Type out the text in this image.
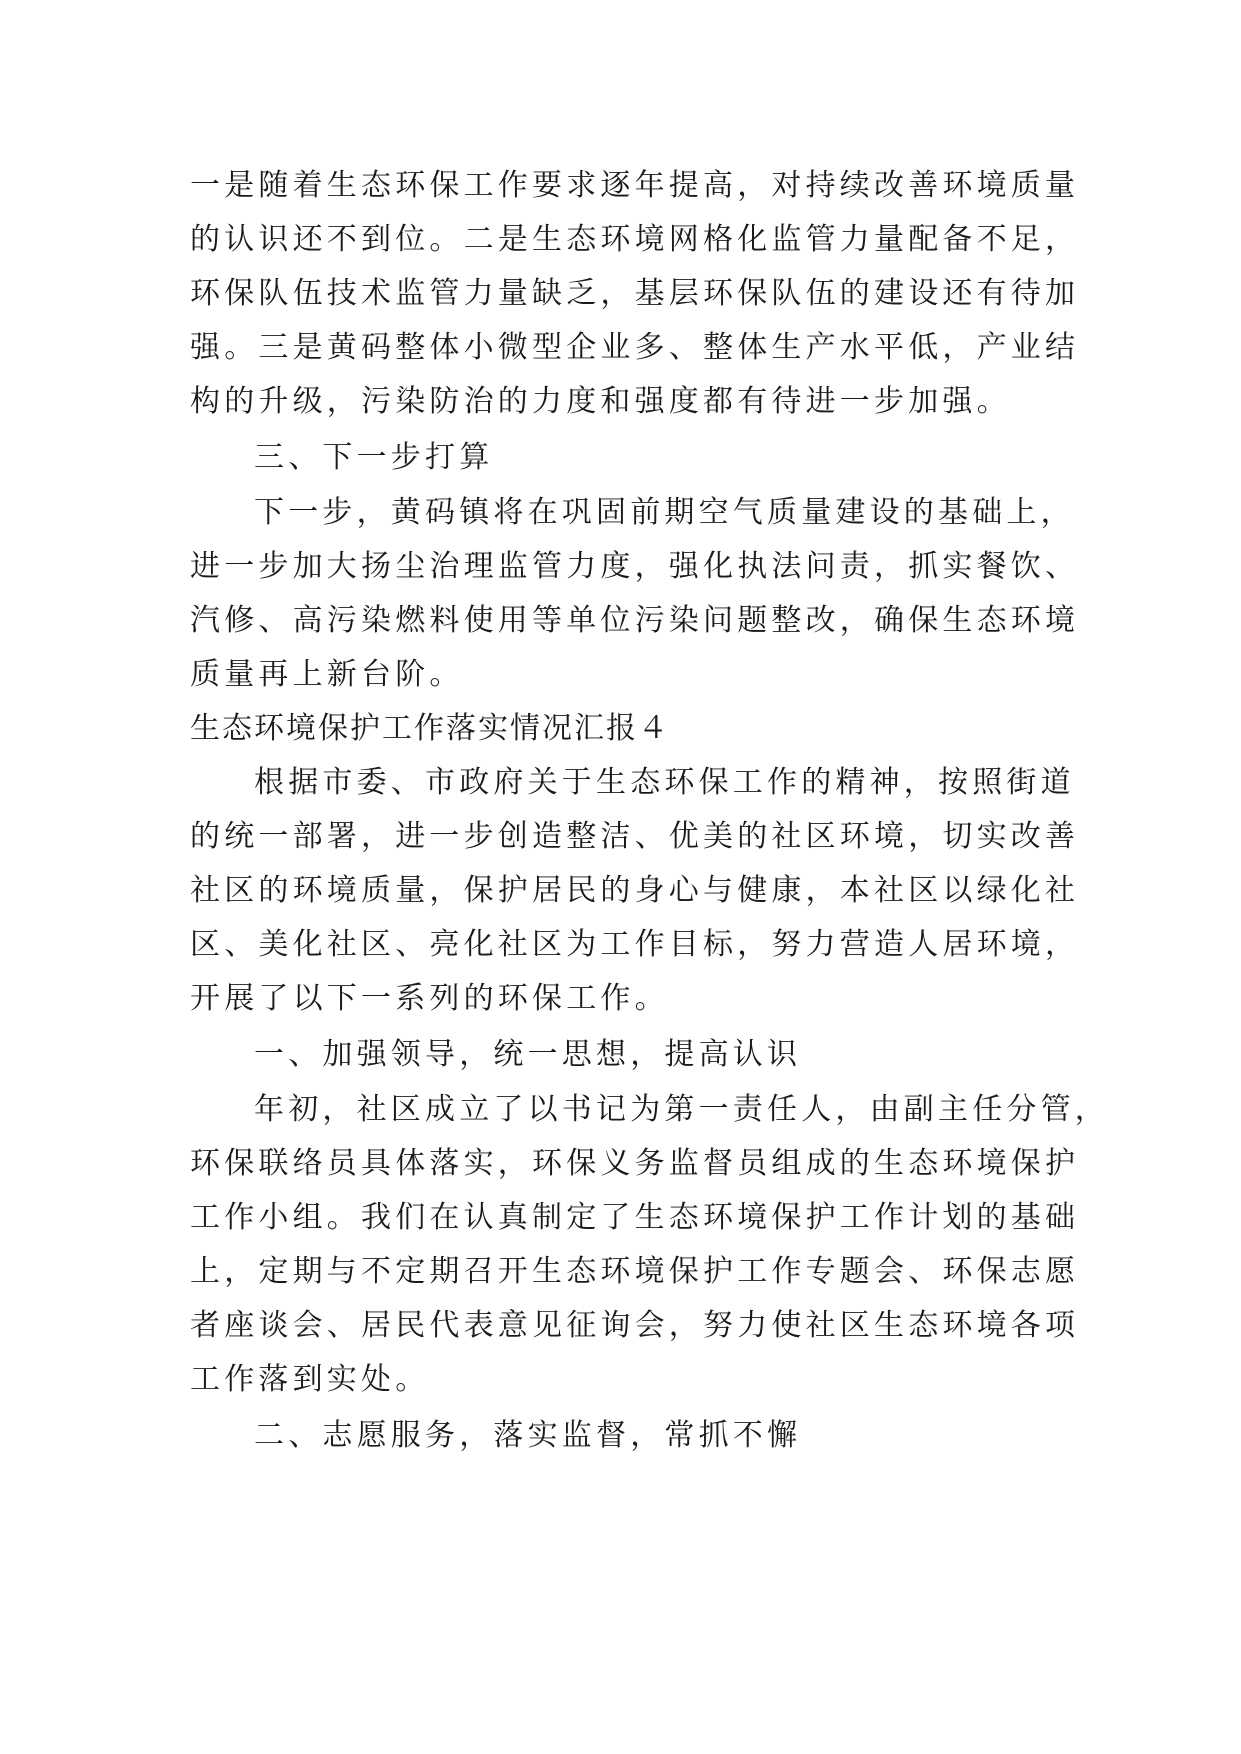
一是随着生态环保工作要求逐年提高，对持续改善环境质量
的认识还不到位。二是生态环境网格化监管力量配备不足，
环保队伍技术监管力量缺乏，基层环保队伍的建设还有待加
强。三是黄码整体小微型企业多、整体生产水平低，产业结
构的升级，污染防治的力度和强度都有待进一步加强。
三、下一步打算
下一步，黄码镇将在巩固前期空气质量建设的基础上，
进一步加大扬尘治理监管力度，强化执法问责，抓实餐饮、
汽修、高污染燃料使用等单位污染问题整改，确保生态环境
质量再上新台阶。
生态环境保护工作落实情况汇报４
根据市委、市政府关于生态环保工作的精神，按照街道
的统一部署，进一步创造整洁、优美的社区环境，切实改善
社区的环境质量，保护居民的身心与健康，本社区以绿化社
区、美化社区、亮化社区为工作目标，努力营造人居环境，
开展了以下一系列的环保工作。
一、加强领导，统一思想，提高认识
年初，社区成立了以书记为第一责任人，由副主任分管，
环保联络员具体落实，环保义务监督员组成的生态环境保护
工作小组。我们在认真制定了生态环境保护工作计划的基础
上，定期与不定期召开生态环境保护工作专题会、环保志愿
者座谈会、居民代表意见征询会，努力使社区生态环境各项
工作落到实处。
二、志愿服务，落实监督，常抓不懈
